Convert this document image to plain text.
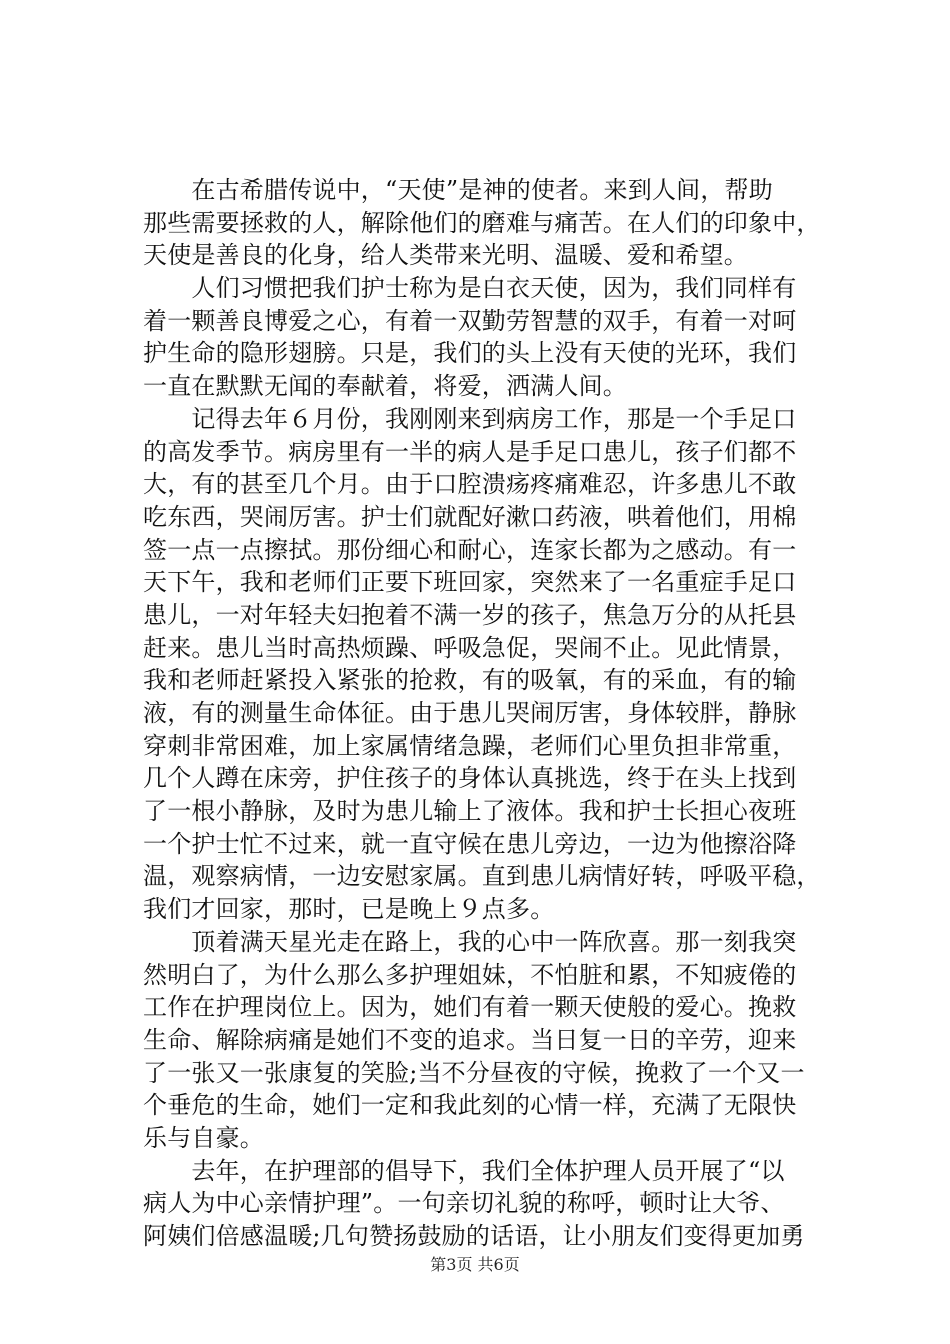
　　在古希腊传说中，“天使”是神的使者。来到人间，帮助
那些需要拯救的人，解除他们的磨难与痛苦。在人们的印象中，
天使是善良的化身，给人类带来光明、温暖、爱和希望。
　　人们习惯把我们护士称为是白衣天使，因为，我们同样有
着一颗善良博爱之心，有着一双勤劳智慧的双手，有着一对呵
护生命的隐形翅膀。只是，我们的头上没有天使的光环，我们
一直在默默无闻的奉献着，将爱，洒满人间。
　　记得去年６月份，我刚刚来到病房工作，那是一个手足口
的高发季节。病房里有一半的病人是手足口患儿，孩子们都不
大，有的甚至几个月。由于口腔溃疡疼痛难忍，许多患儿不敢
吃东西，哭闹厉害。护士们就配好漱口药液，哄着他们，用棉
签一点一点擦拭。那份细心和耐心，连家长都为之感动。有一
天下午，我和老师们正要下班回家，突然来了一名重症手足口
患儿，一对年轻夫妇抱着不满一岁的孩子，焦急万分的从托县
赶来。患儿当时高热烦躁、呼吸急促，哭闹不止。见此情景，
我和老师赶紧投入紧张的抢救，有的吸氧，有的采血，有的输
液，有的测量生命体征。由于患儿哭闹厉害，身体较胖，静脉
穿刺非常困难，加上家属情绪急躁，老师们心里负担非常重，
几个人蹲在床旁，护住孩子的身体认真挑选，终于在头上找到
了一根小静脉，及时为患儿输上了液体。我和护士长担心夜班
一个护士忙不过来，就一直守候在患儿旁边，一边为他擦浴降
温，观察病情，一边安慰家属。直到患儿病情好转，呼吸平稳，
我们才回家，那时，已是晚上９点多。
　　顶着满天星光走在路上，我的心中一阵欣喜。那一刻我突
然明白了，为什么那么多护理姐妹，不怕脏和累，不知疲倦的
工作在护理岗位上。因为，她们有着一颗天使般的爱心。挽救
生命、解除病痛是她们不变的追求。当日复一日的辛劳，迎来
了一张又一张康复的笑脸;当不分昼夜的守候，挽救了一个又一
个垂危的生命，她们一定和我此刻的心情一样，充满了无限快
乐与自豪。
　　去年，在护理部的倡导下，我们全体护理人员开展了“以
病人为中心亲情护理”。一句亲切礼貌的称呼，顿时让大爷、
阿姨们倍感温暖;几句赞扬鼓励的话语，让小朋友们变得更加勇
第3页 共6页
